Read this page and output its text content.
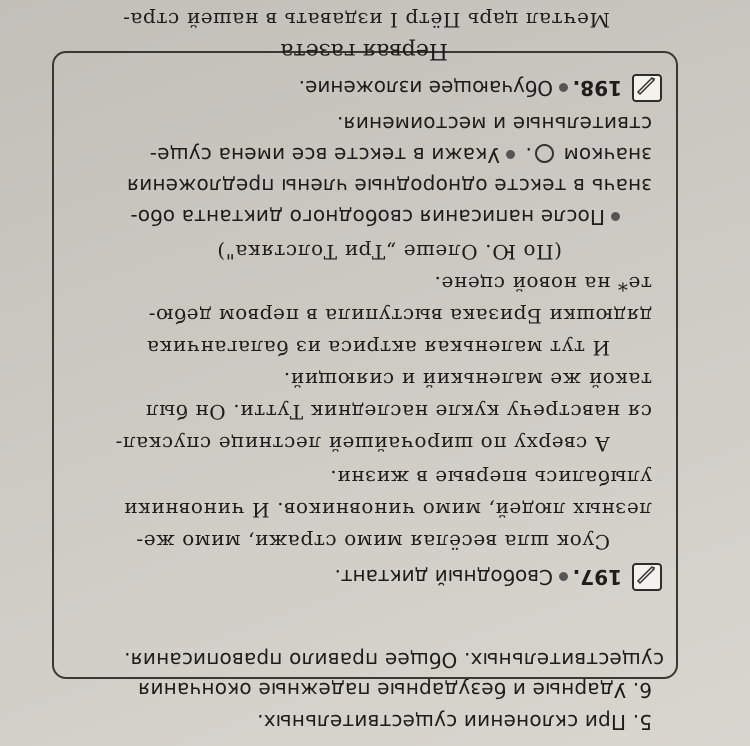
5. При склонении существительных.
6. Ударные и безударные падежные окончания
существительных. Общее правило правописания.
197.
Свободный диктант.
Суок шла весёлая мимо стражи, мимо же-
лезных людей, мимо чиновников. И чиновники
улыбались впервые в жизни.
А сверху по широчайшей лестнице спускал-
ся навстречу кукле наследник Тутти. Он был
такой же маленький и сияющий.
И тут маленькая актриса из балаганчика
дядюшки Бризака выступила в первом дебю-
те* на новой сцене.
(По Ю. Олеше „Три Толстяка")
После написания свободного диктанта обо-
значь в тексте однородные члены предложения
значком . Укажи в тексте все имена суще-
ствительные и местоимения.
198.
Обучающее изложение.
Первая газета
Мечтал царь Пётр I издавать в нашей стра-
